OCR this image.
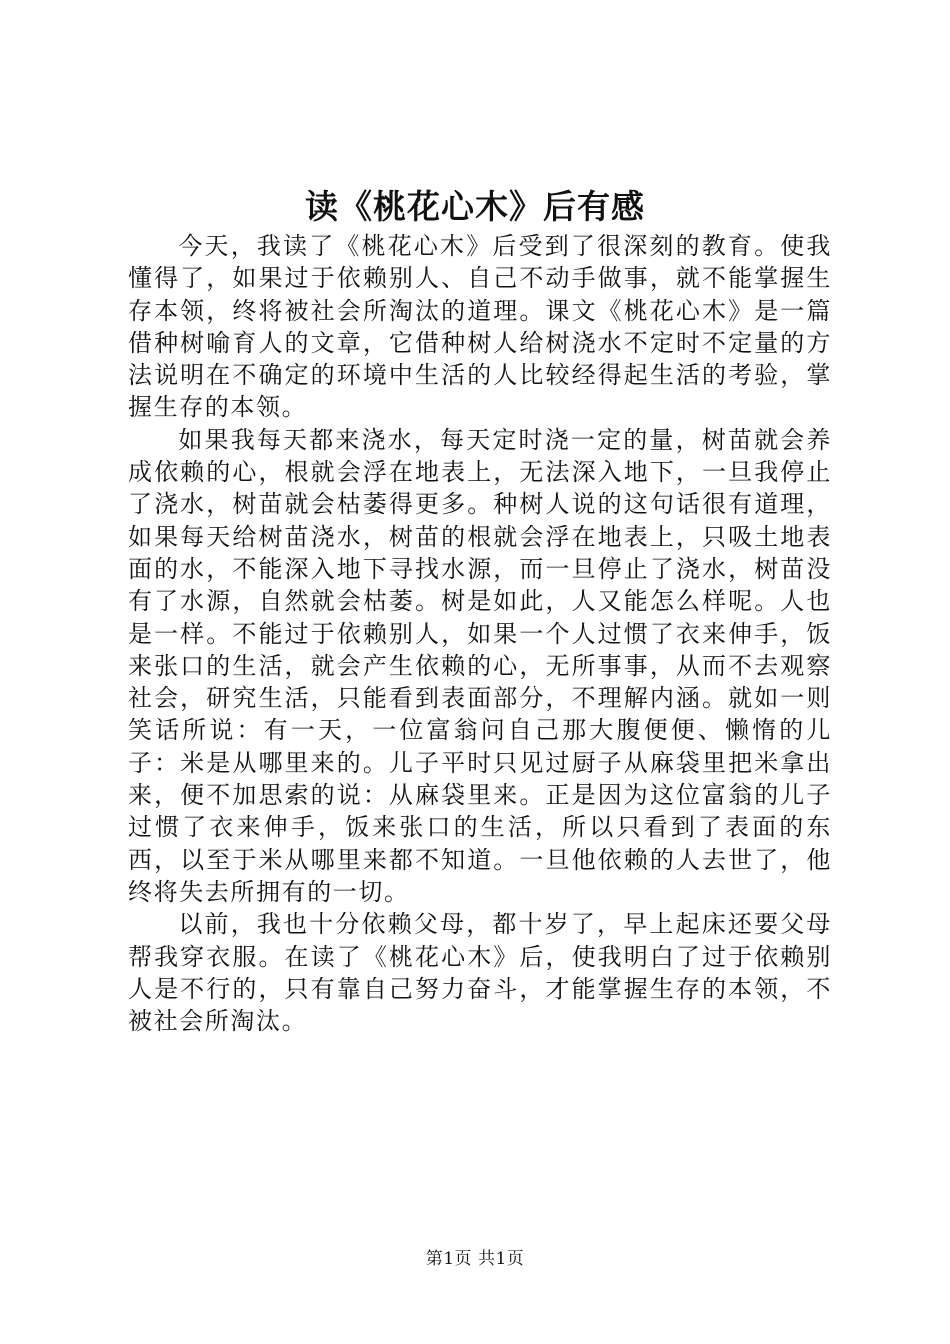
读《桃花心木》后有感

今天，我读了《桃花心木》后受到了很深刻的教育。使我懂得了，如果过于依赖别人、自己不动手做事，就不能掌握生存本领，终将被社会所淘汰的道理。课文《桃花心木》是一篇借种树喻育人的文章，它借种树人给树浇水不定时不定量的方法说明在不确定的环境中生活的人比较经得起生活的考验，掌握生存的本领。

如果我每天都来浇水，每天定时浇一定的量，树苗就会养成依赖的心，根就会浮在地表上，无法深入地下，一旦我停止了浇水，树苗就会枯萎得更多。种树人说的这句话很有道理，如果每天给树苗浇水，树苗的根就会浮在地表上，只吸土地表面的水，不能深入地下寻找水源，而一旦停止了浇水，树苗没有了水源，自然就会枯萎。树是如此，人又能怎么样呢。人也是一样。不能过于依赖别人，如果一个人过惯了衣来伸手，饭来张口的生活，就会产生依赖的心，无所事事，从而不去观察社会，研究生活，只能看到表面部分，不理解内涵。就如一则笑话所说：有一天，一位富翁问自己那大腹便便、懒惰的儿子：米是从哪里来的。儿子平时只见过厨子从麻袋里把米拿出来，便不加思索的说：从麻袋里来。正是因为这位富翁的儿子过惯了衣来伸手，饭来张口的生活，所以只看到了表面的东西，以至于米从哪里来都不知道。一旦他依赖的人去世了，他终将失去所拥有的一切。

以前，我也十分依赖父母，都十岁了，早上起床还要父母帮我穿衣服。在读了《桃花心木》后，使我明白了过于依赖别人是不行的，只有靠自己努力奋斗，才能掌握生存的本领，不被社会所淘汰。

第1页 共1页
